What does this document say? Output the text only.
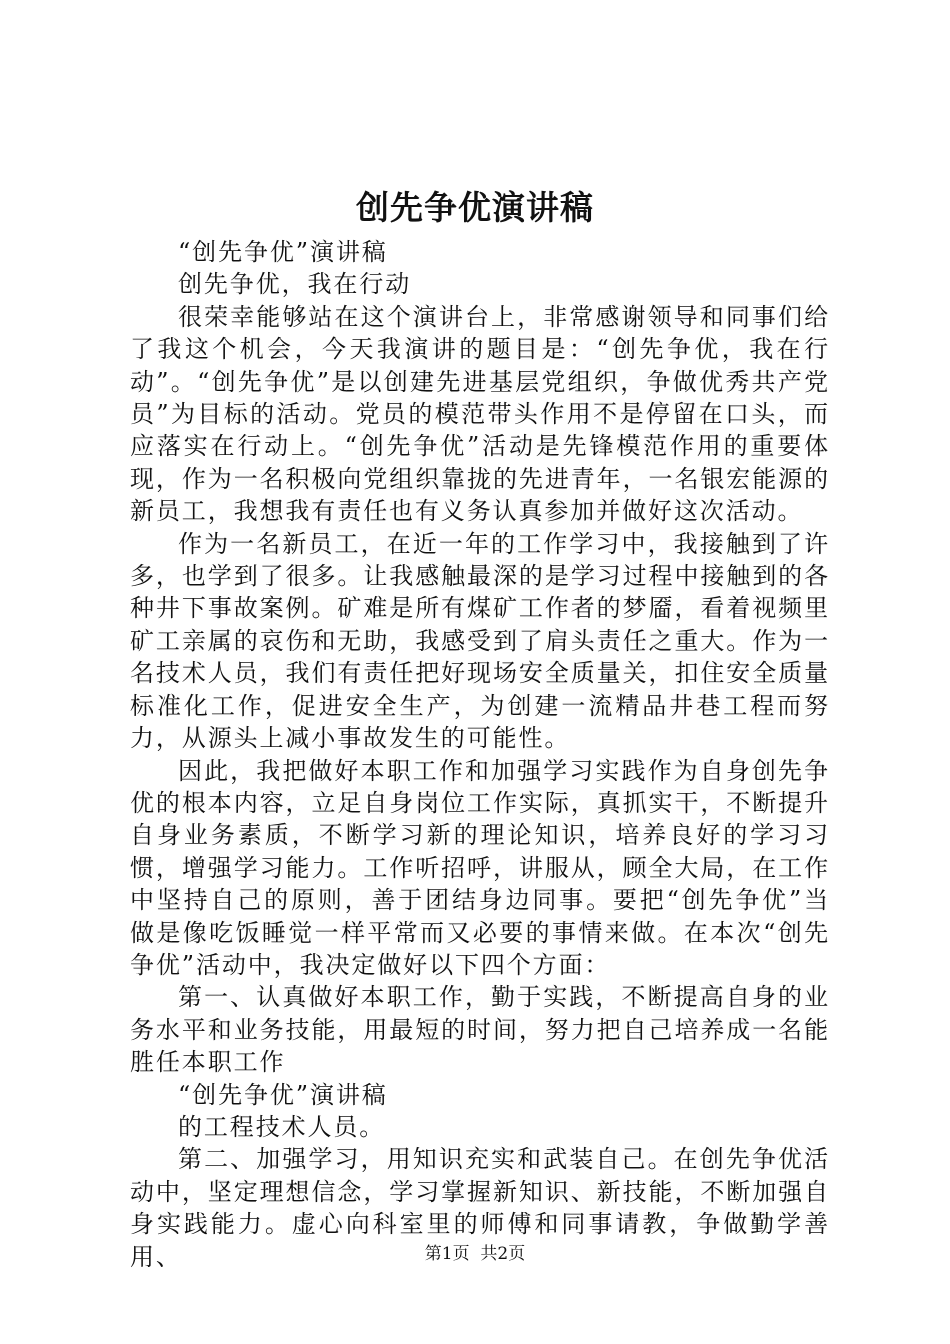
创先争优演讲稿

“创先争优”演讲稿

创先争优，我在行动

很荣幸能够站在这个演讲台上，非常感谢领导和同事们给了我这个机会，今天我演讲的题目是：“创先争优，我在行动”。“创先争优”是以创建先进基层党组织，争做优秀共产党员”为目标的活动。党员的模范带头作用不是停留在口头，而应落实在行动上。“创先争优”活动是先锋模范作用的重要体现，作为一名积极向党组织靠拢的先进青年，一名银宏能源的新员工，我想我有责任也有义务认真参加并做好这次活动。

作为一名新员工，在近一年的工作学习中，我接触到了许多，也学到了很多。让我感触最深的是学习过程中接触到的各种井下事故案例。矿难是所有煤矿工作者的梦靥，看着视频里矿工亲属的哀伤和无助，我感受到了肩头责任之重大。作为一名技术人员，我们有责任把好现场安全质量关，扣住安全质量标准化工作，促进安全生产，为创建一流精品井巷工程而努力，从源头上减小事故发生的可能性。

因此，我把做好本职工作和加强学习实践作为自身创先争优的根本内容，立足自身岗位工作实际，真抓实干，不断提升自身业务素质，不断学习新的理论知识，培养良好的学习习惯，增强学习能力。工作听招呼，讲服从，顾全大局，在工作中坚持自己的原则，善于团结身边同事。要把“创先争优”当做是像吃饭睡觉一样平常而又必要的事情来做。在本次“创先争优”活动中，我决定做好以下四个方面：

第一、认真做好本职工作，勤于实践，不断提高自身的业务水平和业务技能，用最短的时间，努力把自己培养成一名能胜任本职工作

“创先争优”演讲稿

的工程技术人员。

第二、加强学习，用知识充实和武装自己。在创先争优活动中，坚定理想信念，学习掌握新知识、新技能，不断加强自身实践能力。虚心向科室里的师傅和同事请教，争做勤学善用、	第1页  共2页
